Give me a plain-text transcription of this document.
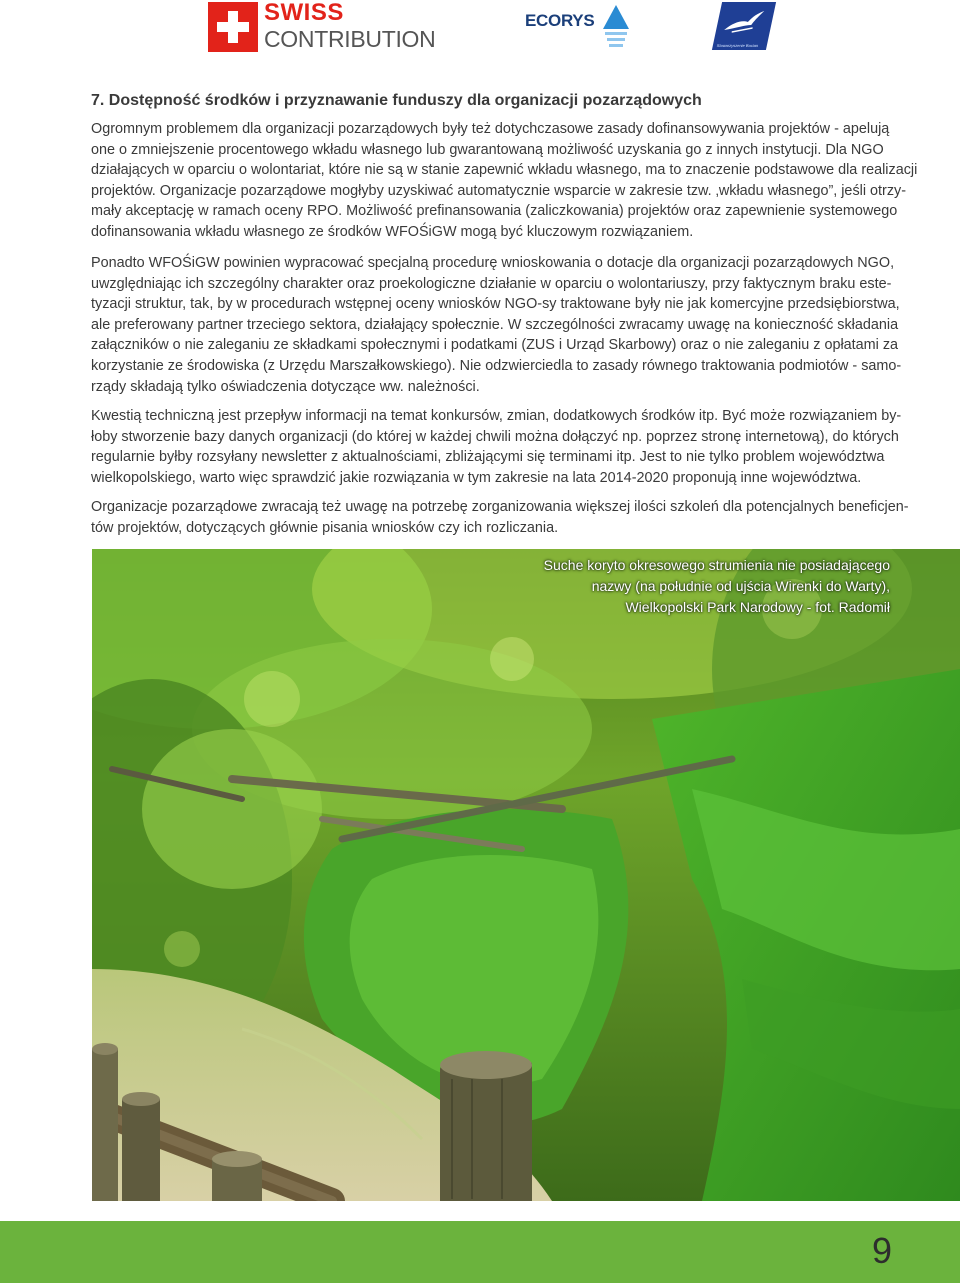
SWISS
CONTRIBUTION
ECORYS
Stowarzyszenie Bocian
7. Dostępność środków i przyznawanie funduszy dla organizacji pozarządowych

Ogromnym problemem dla organizacji pozarządowych były też dotychczasowe zasady dofinansowywania projektów - apelują
one o zmniejszenie procentowego wkładu własnego lub gwarantowaną możliwość uzyskania go z innych instytucji. Dla NGO
działających w oparciu o wolontariat, które nie są w stanie zapewnić wkładu własnego, ma to znaczenie podstawowe dla realizacji
projektów. Organizacje pozarządowe mogłyby uzyskiwać automatycznie wsparcie w zakresie tzw. ‚wkładu własnego”, jeśli otrzy-
mały akceptację w ramach oceny RPO. Możliwość prefinansowania (zaliczkowania) projektów oraz zapewnienie systemowego
dofinansowania wkładu własnego ze środków WFOŚiGW mogą być kluczowym rozwiązaniem.

Ponadto WFOŚiGW powinien wypracować specjalną procedurę wnioskowania o dotacje dla organizacji pozarządowych NGO,
uwzględniając ich szczególny charakter oraz proekologiczne działanie w oparciu o wolontariuszy, przy faktycznym braku este-
tyzacji struktur, tak, by w procedurach wstępnej oceny wniosków NGO-sy traktowane były nie jak komercyjne przedsiębiorstwa,
ale preferowany partner trzeciego sektora, działający społecznie. W szczególności zwracamy uwagę na konieczność składania
załączników o nie zaleganiu ze składkami społecznymi i podatkami (ZUS i Urząd Skarbowy) oraz o nie zaleganiu z opłatami za
korzystanie ze środowiska (z Urzędu Marszałkowskiego). Nie odzwierciedla to zasady równego traktowania podmiotów - samo-
rządy składają tylko oświadczenia dotyczące ww. należności.

Kwestią techniczną jest przepływ informacji na temat konkursów, zmian, dodatkowych środków itp. Być może rozwiązaniem by-
łoby stworzenie bazy danych organizacji (do której w każdej chwili można dołączyć np. poprzez stronę internetową), do których
regularnie byłby rozsyłany newsletter z aktualnościami, zbliżającymi się terminami itp. Jest to nie tylko problem województwa
wielkopolskiego, warto więc sprawdzić jakie rozwiązania w tym zakresie na lata 2014-2020 proponują inne województwa.

Organizacje pozarządowe zwracają też uwagę na potrzebę zorganizowania większej ilości szkoleń dla potencjalnych beneficjen-
tów projektów, dotyczących głównie pisania wniosków czy ich rozliczania.

Suche koryto okresowego strumienia nie posiadającego
nazwy (na południe od ujścia Wirenki do Warty),
Wielkopolski Park Narodowy - fot. Radomił
9
